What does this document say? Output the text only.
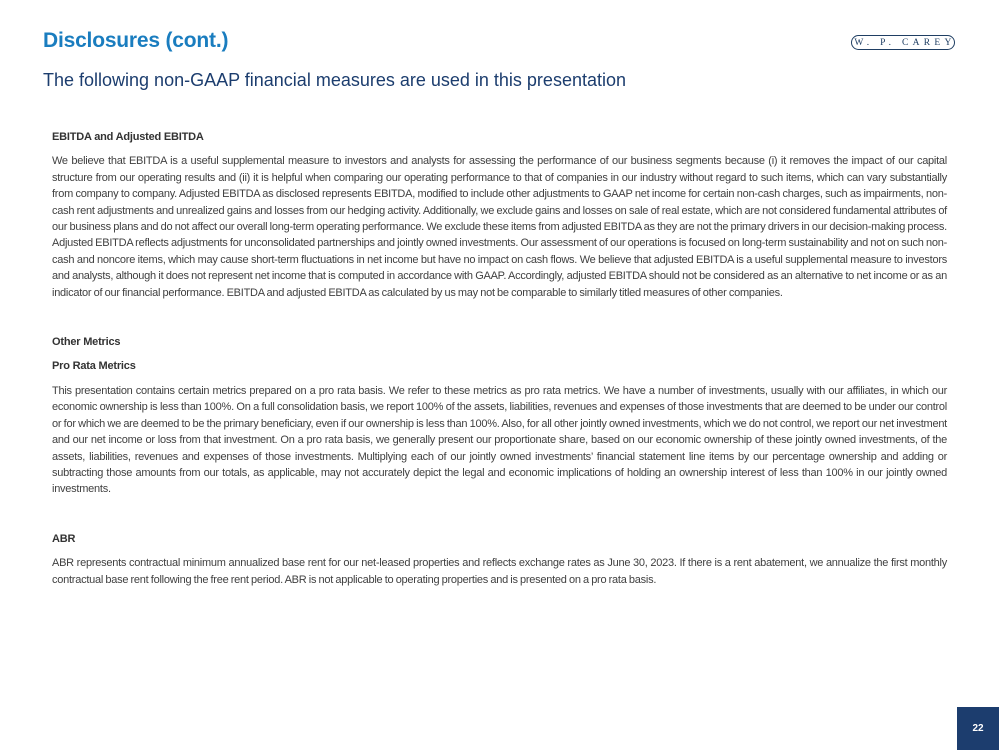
Disclosures (cont.)	W. P. CAREY
The following non-GAAP financial measures are used in this presentation

EBITDA and Adjusted EBITDA

We believe that EBITDA is a useful supplemental measure to investors and analysts for assessing the performance of our business segments because (i) it removes the impact of our capital structure from our operating results and (ii) it is helpful when comparing our operating performance to that of companies in our industry without regard to such items, which can vary substantially from company to company. Adjusted EBITDA as disclosed represents EBITDA, modified to include other adjustments to GAAP net income for certain non-cash charges, such as impairments, non-cash rent adjustments and unrealized gains and losses from our hedging activity. Additionally, we exclude gains and losses on sale of real estate, which are not considered fundamental attributes of our business plans and do not affect our overall long-term operating performance. We exclude these items from adjusted EBITDA as they are not the primary drivers in our decision-making process. Adjusted EBITDA reflects adjustments for unconsolidated partnerships and jointly owned investments. Our assessment of our operations is focused on long-term sustainability and not on such non-cash and noncore items, which may cause short-term fluctuations in net income but have no impact on cash flows. We believe that adjusted EBITDA is a useful supplemental measure to investors and analysts, although it does not represent net income that is computed in accordance with GAAP. Accordingly, adjusted EBITDA should not be considered as an alternative to net income or as an indicator of our financial performance. EBITDA and adjusted EBITDA as calculated by us may not be comparable to similarly titled measures of other companies.

Other Metrics

Pro Rata Metrics

This presentation contains certain metrics prepared on a pro rata basis. We refer to these metrics as pro rata metrics. We have a number of investments, usually with our affiliates, in which our economic ownership is less than 100%. On a full consolidation basis, we report 100% of the assets, liabilities, revenues and expenses of those investments that are deemed to be under our control or for which we are deemed to be the primary beneficiary, even if our ownership is less than 100%. Also, for all other jointly owned investments, which we do not control, we report our net investment and our net income or loss from that investment. On a pro rata basis, we generally present our proportionate share, based on our economic ownership of these jointly owned investments, of the assets, liabilities, revenues and expenses of those investments. Multiplying each of our jointly owned investments’ financial statement line items by our percentage ownership and adding or subtracting those amounts from our totals, as applicable, may not accurately depict the legal and economic implications of holding an ownership interest of less than 100% in our jointly owned investments.

ABR

ABR represents contractual minimum annualized base rent for our net-leased properties and reflects exchange rates as June 30, 2023. If there is a rent abatement, we annualize the first monthly contractual base rent following the free rent period. ABR is not applicable to operating properties and is presented on a pro rata basis.

22
